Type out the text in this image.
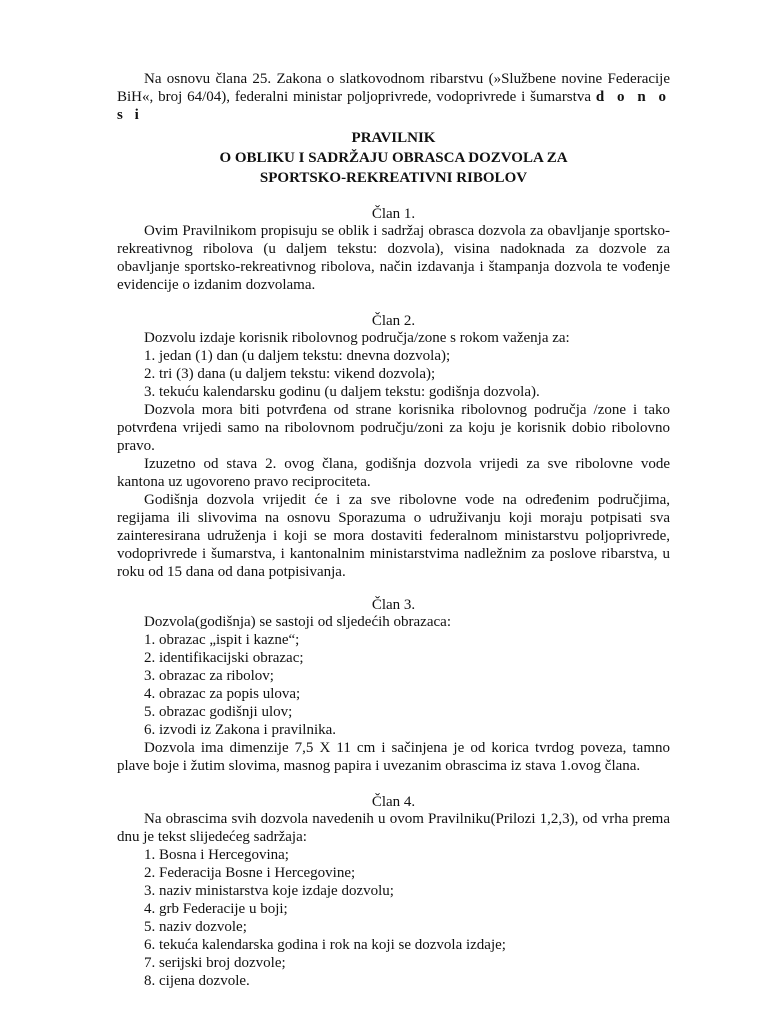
Na osnovu člana 25. Zakona o slatkovodnom ribarstvu (»Službene novine Federacije BiH«, broj 64/04), federalni ministar poljoprivrede, vodoprivrede i šumarstva d o n o s i

PRAVILNIK

O OBLIKU I SADRŽAJU OBRASCA DOZVOLA ZA

SPORTSKO-REKREATIVNI RIBOLOV

Član 1.

Ovim Pravilnikom propisuju se oblik i sadržaj obrasca dozvola za obavljanje sportsko-rekreativnog ribolova (u daljem tekstu: dozvola), visina nadoknada za dozvole za obavljanje sportsko-rekreativnog ribolova, način izdavanja i štampanja dozvola te vođenje evidencije o izdanim dozvolama.

Član 2.

Dozvolu izdaje korisnik ribolovnog područja/zone s rokom važenja za:

1. jedan (1) dan (u daljem tekstu: dnevna dozvola);

2. tri (3) dana (u daljem tekstu: vikend dozvola);

3. tekuću kalendarsku godinu (u daljem tekstu: godišnja dozvola).

Dozvola mora biti potvrđena od strane korisnika ribolovnog područja /zone i tako potvrđena vrijedi samo na ribolovnom području/zoni za koju je korisnik dobio ribolovno pravo.

Izuzetno od stava 2. ovog člana, godišnja dozvola vrijedi za sve ribolovne vode kantona uz ugovoreno pravo reciprociteta.

Godišnja dozvola vrijedit će i za sve ribolovne vode na određenim područjima, regijama ili slivovima na osnovu Sporazuma o udruživanju koji moraju potpisati sva zainteresirana udruženja i koji se mora dostaviti federalnom ministarstvu poljoprivrede, vodoprivrede i šumarstva, i kantonalnim ministarstvima nadležnim za poslove ribarstva, u roku od 15 dana od dana potpisivanja.

Član 3.

Dozvola(godišnja) se sastoji od sljedećih obrazaca:

1. obrazac „ispit i kazne“;

2. identifikacijski obrazac;

3. obrazac za ribolov;

4. obrazac za popis ulova;

5. obrazac godišnji ulov;

6. izvodi iz Zakona i pravilnika.

Dozvola ima dimenzije 7,5 X 11 cm i sačinjena je od korica tvrdog poveza, tamno plave boje i žutim slovima, masnog papira i uvezanim obrascima iz stava 1.ovog člana.

Član 4.

Na obrascima svih dozvola navedenih u ovom Pravilniku(Prilozi 1,2,3), od vrha prema dnu je tekst slijedećeg sadržaja:

1. Bosna i Hercegovina;

2. Federacija Bosne i Hercegovine;

3. naziv ministarstva koje izdaje dozvolu;

4. grb Federacije u boji;

5. naziv dozvole;

6. tekuća kalendarska godina i rok na koji se dozvola izdaje;

7. serijski broj dozvole;

8. cijena dozvole.
